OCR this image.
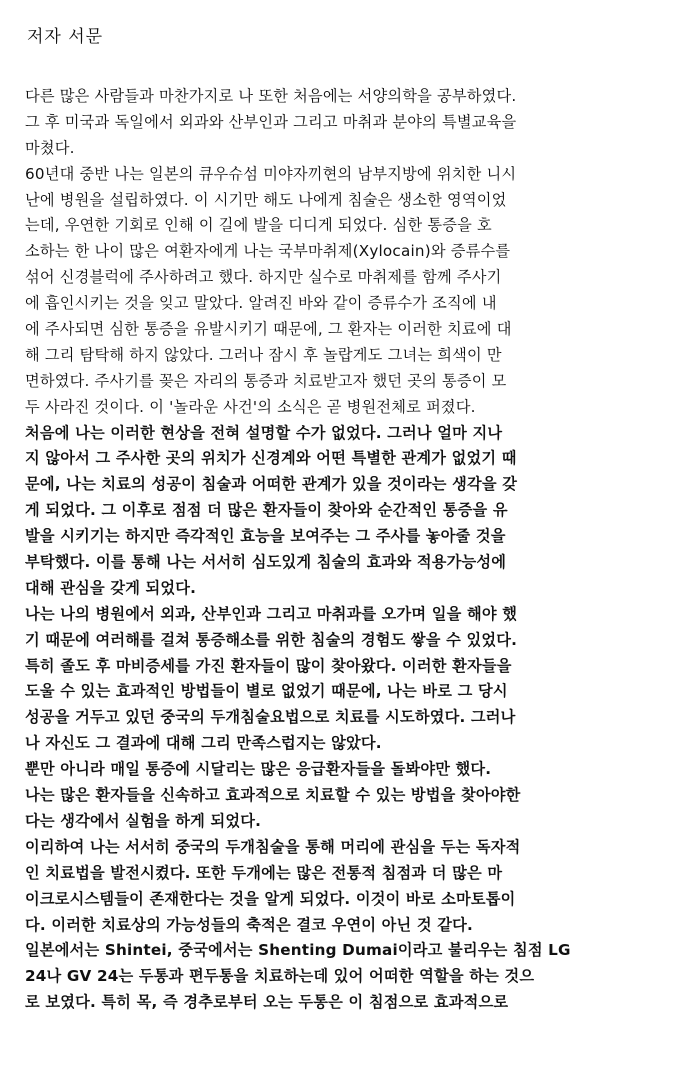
저자 서문
다른 많은 사람들과 마찬가지로 나 또한 처음에는 서양의학을 공부하였다.
그 후 미국과 독일에서 외과와 산부인과 그리고 마취과 분야의 특별교육을
마쳤다.
60년대 중반 나는 일본의 큐우슈섬 미야자끼현의 남부지방에 위치한 니시
난에 병원을 설립하였다. 이 시기만 해도 나에게 침술은 생소한 영역이었
는데, 우연한 기회로 인해 이 길에 발을 디디게 되었다. 심한 통증을 호
소하는 한 나이 많은 여환자에게 나는 국부마취제(Xylocain)와 증류수를
섞어 신경블럭에 주사하려고 했다. 하지만 실수로 마취제를 함께 주사기
에 흡인시키는 것을 잊고 말았다. 알려진 바와 같이 증류수가 조직에 내
에 주사되면 심한 통증을 유발시키기 때문에, 그 환자는 이러한 치료에 대
해 그리 탐탁해 하지 않았다. 그러나 잠시 후 놀랍게도 그녀는 희색이 만
면하였다. 주사기를 꽂은 자리의 통증과 치료받고자 했던 곳의 통증이 모
두 사라진 것이다. 이 '놀라운 사건'의 소식은 곧 병원전체로 퍼졌다.
처음에 나는 이러한 현상을 전혀 설명할 수가 없었다. 그러나 얼마 지나
지 않아서 그 주사한 곳의 위치가 신경계와 어떤 특별한 관계가 없었기 때
문에, 나는 치료의 성공이 침술과 어떠한 관계가 있을 것이라는 생각을 갖
게 되었다. 그 이후로 점점 더 많은 환자들이 찾아와 순간적인 통증을 유
발을 시키기는 하지만 즉각적인 효능을 보여주는 그 주사를 놓아줄 것을
부탁했다. 이를 통해 나는 서서히 심도있게 침술의 효과와 적용가능성에
대해 관심을 갖게 되었다.
나는 나의 병원에서 외과, 산부인과 그리고 마취과를 오가며 일을 해야 했
기 때문에 여러해를 걸쳐 통증해소를 위한 침술의 경험도 쌓을 수 있었다.
특히 졸도 후 마비증세를 가진 환자들이 많이 찾아왔다. 이러한 환자들을
도울 수 있는 효과적인 방법들이 별로 없었기 때문에, 나는 바로 그 당시
성공을 거두고 있던 중국의 두개침술요법으로 치료를 시도하였다. 그러나
나 자신도 그 결과에 대해 그리 만족스럽지는 않았다.
뿐만 아니라 매일 통증에 시달리는 많은 응급환자들을 돌봐야만 했다.
나는 많은 환자들을 신속하고 효과적으로 치료할 수 있는 방법을 찾아야한
다는 생각에서 실험을 하게 되었다.
이리하여 나는 서서히 중국의 두개침술을 통해 머리에 관심을 두는 독자적
인 치료법을 발전시켰다. 또한 두개에는 많은 전통적 침점과 더 많은 마
이크로시스템들이 존재한다는 것을 알게 되었다. 이것이 바로 소마토톱이
다. 이러한 치료상의 가능성들의 축적은 결코 우연이 아닌 것 같다.
일본에서는 Shintei, 중국에서는 Shenting Dumai이라고 불리우는 침점 LG
24나 GV 24는 두통과 편두통을 치료하는데 있어 어떠한 역할을 하는 것으
로 보였다. 특히 목, 즉 경추로부터 오는 두통은 이 침점으로 효과적으로
